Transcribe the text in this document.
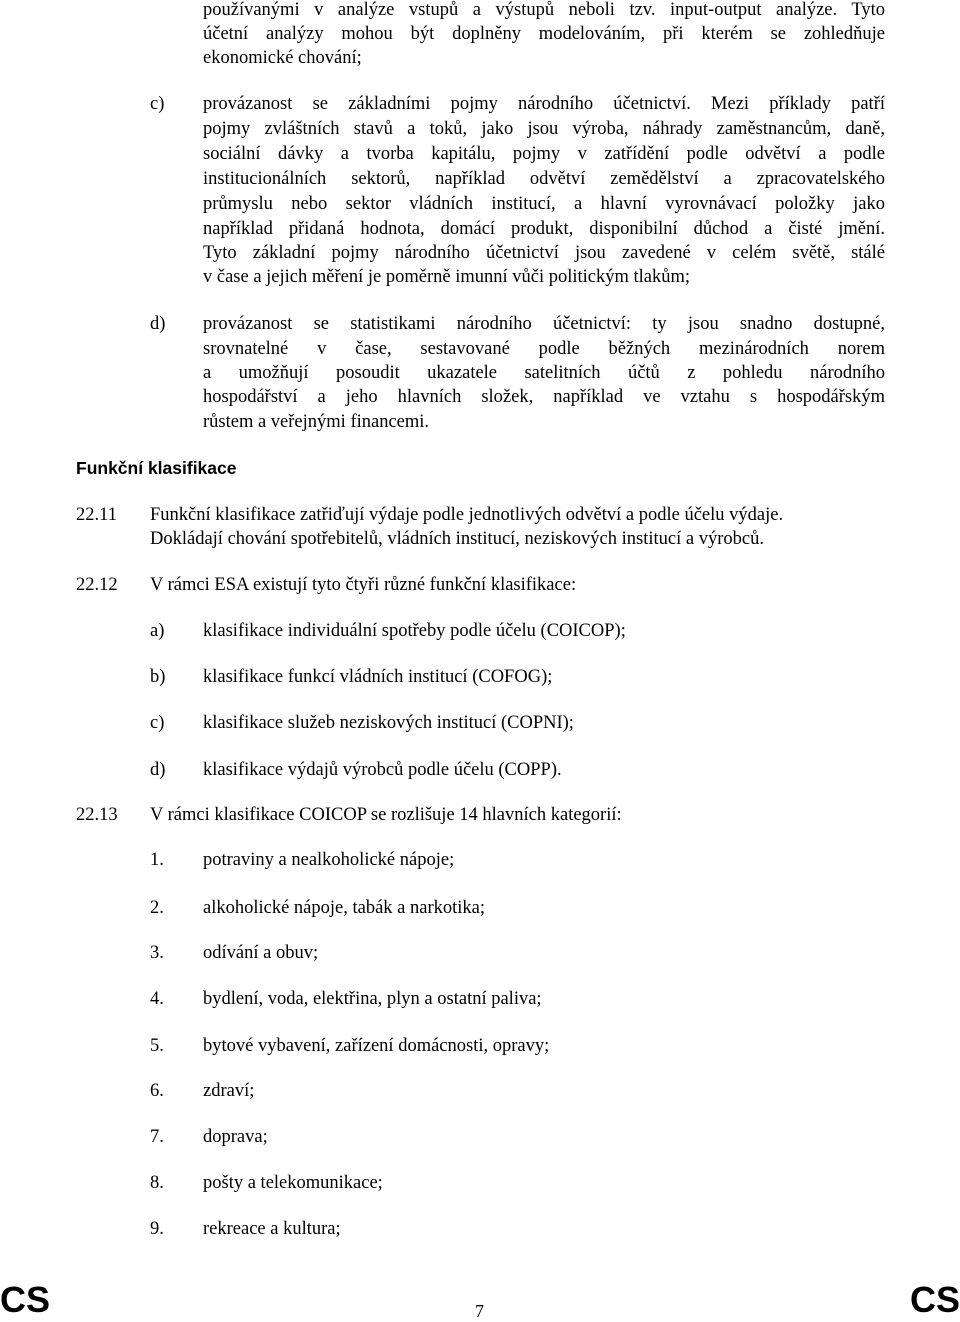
používanými v analýze vstupů a výstupů neboli tzv. input-output analýze. Tyto
účetní analýzy mohou být doplněny modelováním, při kterém se zohledňuje
ekonomické chování;
c) provázanost se základními pojmy národního účetnictví. Mezi příklady patří
pojmy zvláštních stavů a toků, jako jsou výroba, náhrady zaměstnancům, daně,
sociální dávky a tvorba kapitálu, pojmy v zatřídění podle odvětví a podle
institucionálních sektorů, například odvětví zemědělství a zpracovatelského
průmyslu nebo sektor vládních institucí, a hlavní vyrovnávací položky jako
například přidaná hodnota, domácí produkt, disponibilní důchod a čisté jmění.
Tyto základní pojmy národního účetnictví jsou zavedené v celém světě, stálé
v čase a jejich měření je poměrně imunní vůči politickým tlakům;
d) provázanost se statistikami národního účetnictví: ty jsou snadno dostupné,
srovnatelné v čase, sestavované podle běžných mezinárodních norem
a umožňují posoudit ukazatele satelitních účtů z pohledu národního
hospodářství a jeho hlavních složek, například ve vztahu s hospodářským
růstem a veřejnými financemi.
Funkční klasifikace
22.11 Funkční klasifikace zatřiďují výdaje podle jednotlivých odvětví a podle účelu výdaje.
Dokládají chování spotřebitelů, vládních institucí, neziskových institucí a výrobců.
22.12 V rámci ESA existují tyto čtyři různé funkční klasifikace:
a) klasifikace individuální spotřeby podle účelu (COICOP);
b) klasifikace funkcí vládních institucí (COFOG);
c) klasifikace služeb neziskových institucí (COPNI);
d) klasifikace výdajů výrobců podle účelu (COPP).
22.13 V rámci klasifikace COICOP se rozlišuje 14 hlavních kategorií:
1. potraviny a nealkoholické nápoje;
2. alkoholické nápoje, tabák a narkotika;
3. odívání a obuv;
4. bydlení, voda, elektřina, plyn a ostatní paliva;
5. bytové vybavení, zařízení domácnosti, opravy;
6. zdraví;
7. doprava;
8. pošty a telekomunikace;
9. rekreace a kultura;
CS	7	CS
